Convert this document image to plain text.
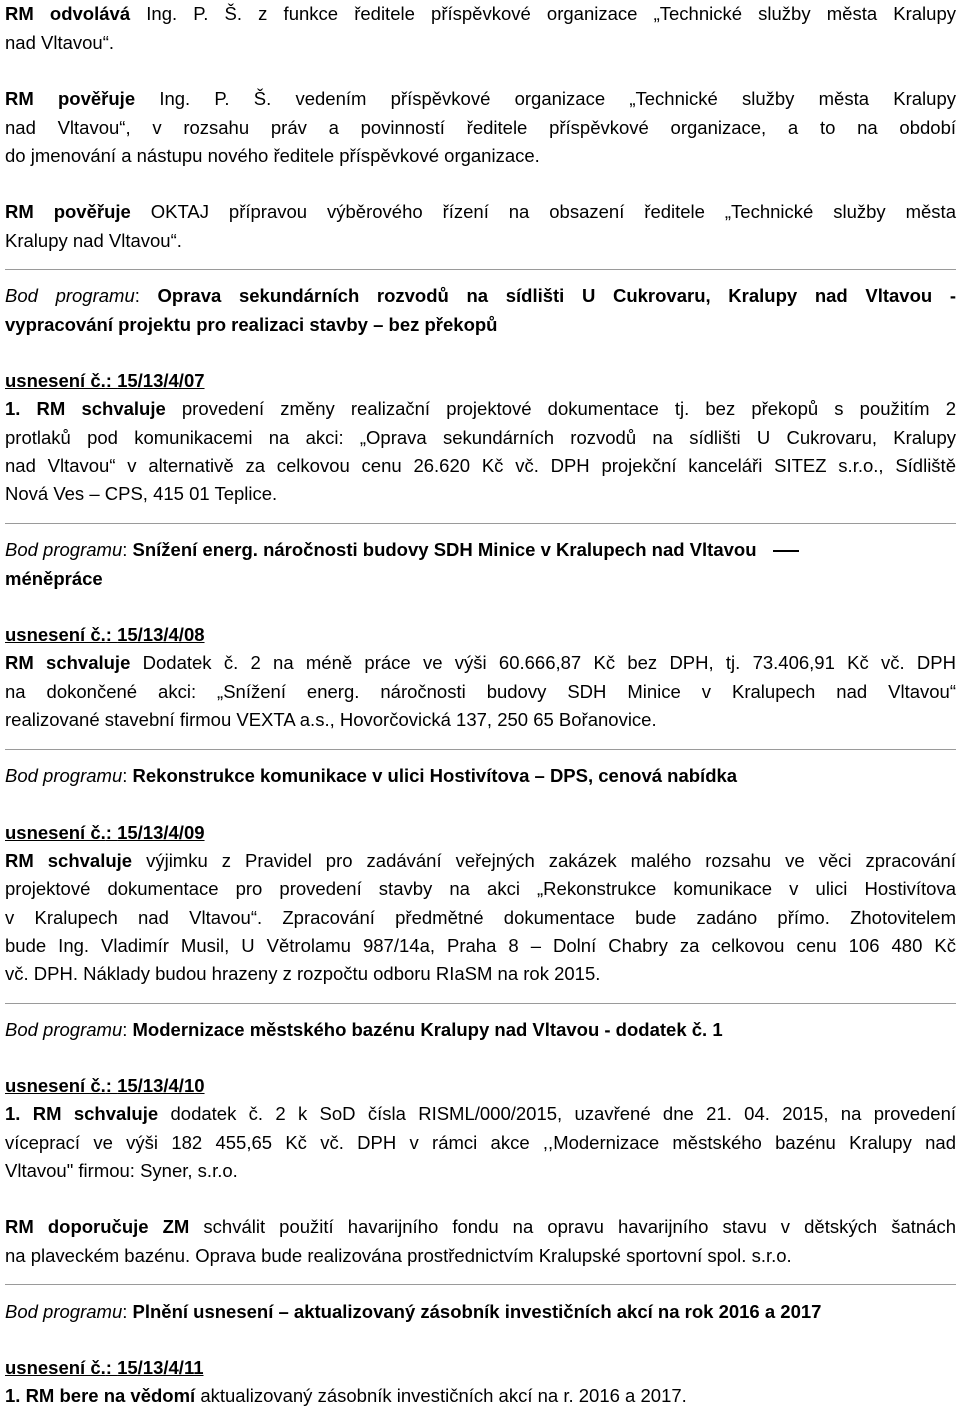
RM odvolává Ing. P. Š. z funkce ředitele příspěvkové organizace „Technické služby města Kralupy
nad Vltavou“.
RM pověřuje Ing. P. Š. vedením příspěvkové organizace „Technické služby města Kralupy
nad Vltavou“, v rozsahu práv a povinností ředitele příspěvkové organizace, a to na období
do jmenování a nástupu nového ředitele příspěvkové organizace.
RM pověřuje OKTAJ přípravou výběrového řízení na obsazení ředitele „Technické služby města
Kralupy nad Vltavou“.
Bod programu: Oprava sekundárních rozvodů na sídlišti U Cukrovaru, Kralupy nad Vltavou -
vypracování projektu pro realizaci stavby – bez překopů
usnesení č.: 15/13/4/07
1. RM schvaluje provedení změny realizační projektové dokumentace tj. bez překopů s použitím 2
protlaků pod komunikacemi na akci: „Oprava sekundárních rozvodů na sídlišti U Cukrovaru, Kralupy
nad Vltavou“ v alternativě za celkovou cenu 26.620 Kč vč. DPH projekční kanceláři SITEZ s.r.o., Sídliště
Nová Ves – CPS, 415 01 Teplice.
Bod programu: Snížení energ. náročnosti budovy SDH Minice v Kralupech nad Vltavou
méněpráce
usnesení č.: 15/13/4/08
RM schvaluje Dodatek č. 2 na méně práce ve výši 60.666,87 Kč bez DPH, tj. 73.406,91 Kč vč. DPH
na dokončené akci: „Snížení energ. náročnosti budovy SDH Minice v Kralupech nad Vltavou“
realizované stavební firmou VEXTA a.s., Hovorčovická 137, 250 65 Bořanovice.
Bod programu: Rekonstrukce komunikace v ulici Hostivítova – DPS, cenová nabídka
usnesení č.: 15/13/4/09
RM schvaluje výjimku z Pravidel pro zadávání veřejných zakázek malého rozsahu ve věci zpracování
projektové dokumentace pro provedení stavby na akci „Rekonstrukce komunikace v ulici Hostivítova
v Kralupech nad Vltavou“. Zpracování předmětné dokumentace bude zadáno přímo. Zhotovitelem
bude Ing. Vladimír Musil, U Větrolamu 987/14a, Praha 8 – Dolní Chabry za celkovou cenu 106 480 Kč
vč. DPH. Náklady budou hrazeny z rozpočtu odboru RIaSM na rok 2015.
Bod programu: Modernizace městského bazénu Kralupy nad Vltavou - dodatek č. 1
usnesení č.: 15/13/4/10
1. RM schvaluje dodatek č. 2 k SoD čísla RISML/000/2015, uzavřené dne 21. 04. 2015, na provedení
víceprací ve výši 182 455,65 Kč vč. DPH v rámci akce ,,Modernizace městského bazénu Kralupy nad
Vltavou" firmou: Syner, s.r.o.
RM doporučuje ZM schválit použití havarijního fondu na opravu havarijního stavu v dětských šatnách
na plaveckém bazénu. Oprava bude realizována prostřednictvím Kralupské sportovní spol. s.r.o.
Bod programu: Plnění usnesení – aktualizovaný zásobník investičních akcí na rok 2016 a 2017
usnesení č.: 15/13/4/11
1. RM bere na vědomí aktualizovaný zásobník investičních akcí na r. 2016 a 2017.
